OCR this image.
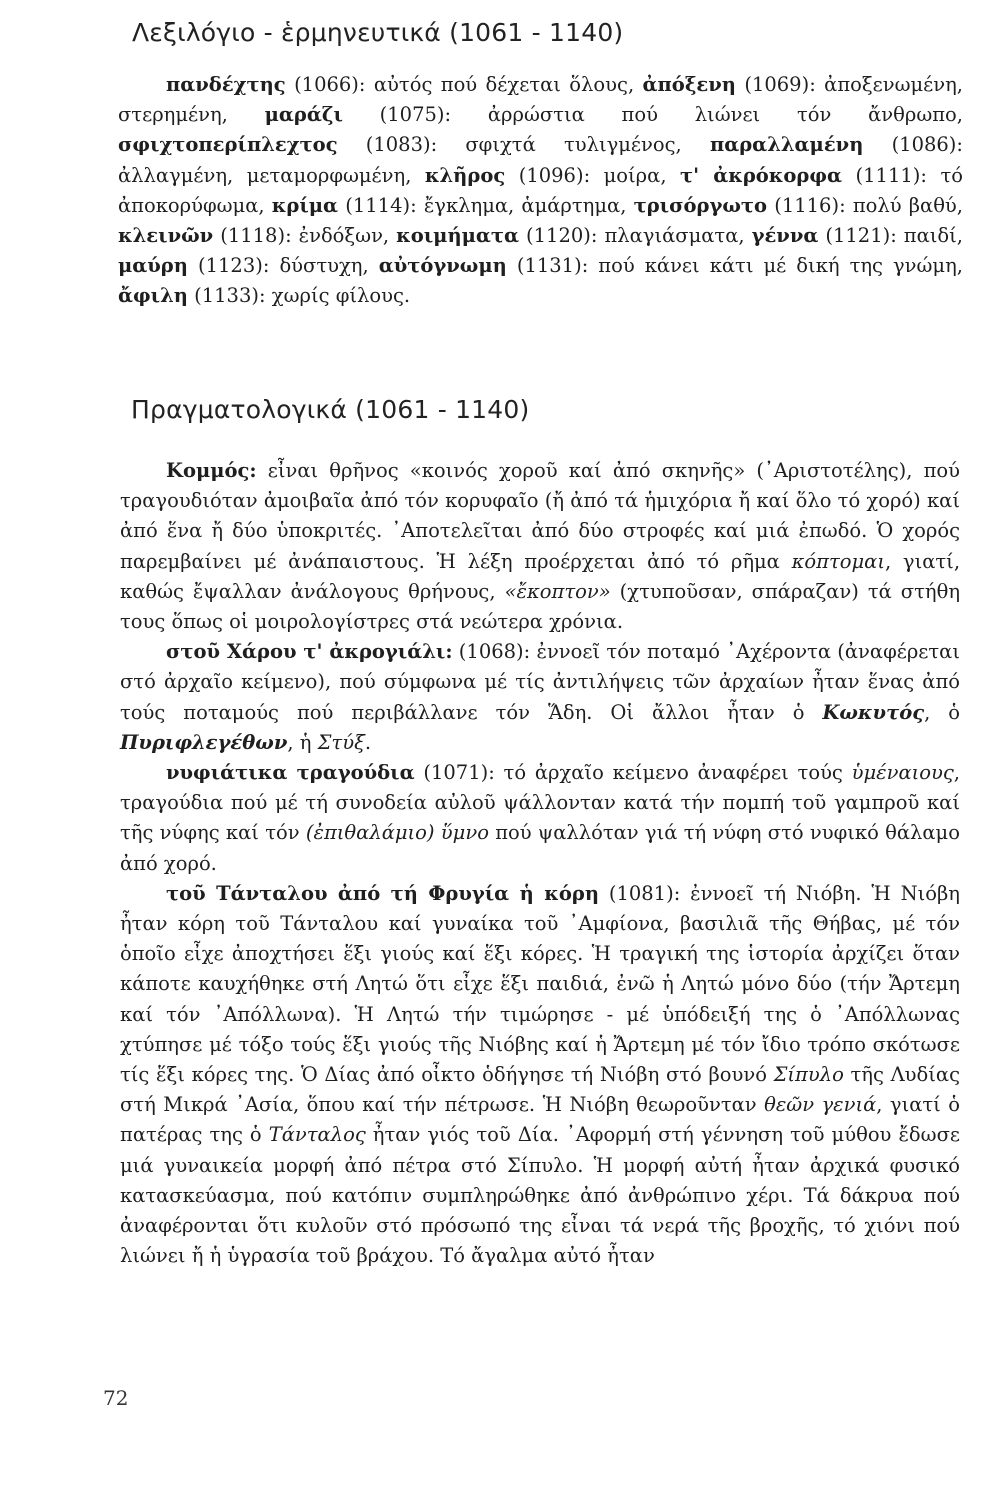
Λεξιλόγιο - ἑρμηνευτικά (1061 - 1140)

πανδέχτης (1066): αὐτός πού δέχεται ὅλους, ἀπόξενη (1069): ἀποξενωμένη, στερημένη, μαράζι (1075): ἀρρώστια πού λιώνει τόν ἄνθρωπο, σφιχτοπερίπλεχτος (1083): σφιχτά τυλιγμένος, παραλλαμένη (1086): ἀλλαγμένη, μεταμορφωμένη, κλῆρος (1096): μοίρα, τ' ἀκρόκορφα (1111): τό ἀποκορύφωμα, κρίμα (1114): ἔγκλημα, ἁμάρτημα, τρισόργωτο (1116): πολύ βαθύ, κλεινῶν (1118): ἐνδόξων, κοιμήματα (1120): πλαγιάσματα, γέννα (1121): παιδί, μαύρη (1123): δύστυχη, αὐτόγνωμη (1131): πού κάνει κάτι μέ δική της γνώμη, ἄφιλη (1133): χωρίς φίλους.

Πραγματολογικά (1061 - 1140)

Κομμός: εἶναι θρῆνος «κοινός χοροῦ καί ἀπό σκηνῆς» (᾿Αριστοτέλης), πού τραγουδιόταν ἀμοιβαῖα ἀπό τόν κορυφαῖο (ἤ ἀπό τά ἡμιχόρια ἤ καί ὅλο τό χορό) καί ἀπό ἕνα ἤ δύο ὑποκριτές. ᾿Αποτελεῖται ἀπό δύο στροφές καί μιά ἐπωδό. Ὁ χορός παρεμβαίνει μέ ἀνάπαιστους. Ἡ λέξη προέρχεται ἀπό τό ρῆμα κόπτομαι, γιατί, καθώς ἔψαλλαν ἀνάλογους θρήνους, «ἔκοπτον» (χτυποῦσαν, σπάραζαν) τά στήθη τους ὅπως οἱ μοιρολογίστρες στά νεώτερα χρόνια.

στοῦ Χάρου τ' ἀκρογιάλι: (1068): ἐννοεῖ τόν ποταμό ᾿Αχέροντα (ἀναφέρεται στό ἀρχαῖο κείμενο), πού σύμφωνα μέ τίς ἀντιλήψεις τῶν ἀρχαίων ἦταν ἕνας ἀπό τούς ποταμούς πού περιβάλλανε τόν Ἅδη. Οἱ ἄλλοι ἦταν ὁ Κωκυτός, ὁ Πυριφλεγέθων, ἡ Στύξ.

νυφιάτικα τραγούδια (1071): τό ἀρχαῖο κείμενο ἀναφέρει τούς ὑμέναιους, τραγούδια πού μέ τή συνοδεία αὐλοῦ ψάλλονταν κατά τήν πομπή τοῦ γαμπροῦ καί τῆς νύφης καί τόν (ἐπιθαλάμιο) ὕμνο πού ψαλλόταν γιά τή νύφη στό νυφικό θάλαμο ἀπό χορό.

τοῦ Τάνταλου ἀπό τή Φρυγία ἡ κόρη (1081): ἐννοεῖ τή Νιόβη. Ἡ Νιόβη ἦταν κόρη τοῦ Τάνταλου καί γυναίκα τοῦ ᾿Αμφίονα, βασιλιᾶ τῆς Θήβας, μέ τόν ὁποῖο εἶχε ἀποχτήσει ἕξι γιούς καί ἕξι κόρες. Ἡ τραγική της ἱστορία ἀρχίζει ὅταν κάποτε καυχήθηκε στή Λητώ ὅτι εἶχε ἕξι παιδιά, ἐνῶ ἡ Λητώ μόνο δύο (τήν Ἄρτεμη καί τόν ᾿Απόλλωνα). Ἡ Λητώ τήν τιμώρησε - μέ ὑπόδειξή της ὁ ᾿Απόλλωνας χτύπησε μέ τόξο τούς ἕξι γιούς τῆς Νιόβης καί ἡ Ἄρτεμη μέ τόν ἴδιο τρόπο σκότωσε τίς ἕξι κόρες της. Ὁ Δίας ἀπό οἶκτο ὁδήγησε τή Νιόβη στό βουνό Σίπυλο τῆς Λυδίας στή Μικρά ᾿Ασία, ὅπου καί τήν πέτρωσε. Ἡ Νιόβη θεωροῦνταν θεῶν γενιά, γιατί ὁ πατέρας της ὁ Τάνταλος ἦταν γιός τοῦ Δία. ᾿Αφορμή στή γέννηση τοῦ μύθου ἔδωσε μιά γυναικεία μορφή ἀπό πέτρα στό Σίπυλο. Ἡ μορφή αὐτή ἦταν ἀρχικά φυσικό κατασκεύασμα, πού κατόπιν συμπληρώθηκε ἀπό ἀνθρώπινο χέρι. Τά δάκρυα πού ἀναφέρονται ὅτι κυλοῦν στό πρόσωπό της εἶναι τά νερά τῆς βροχῆς, τό χιόνι πού λιώνει ἤ ἡ ὑγρασία τοῦ βράχου. Τό ἄγαλμα αὐτό ἦταν

72
